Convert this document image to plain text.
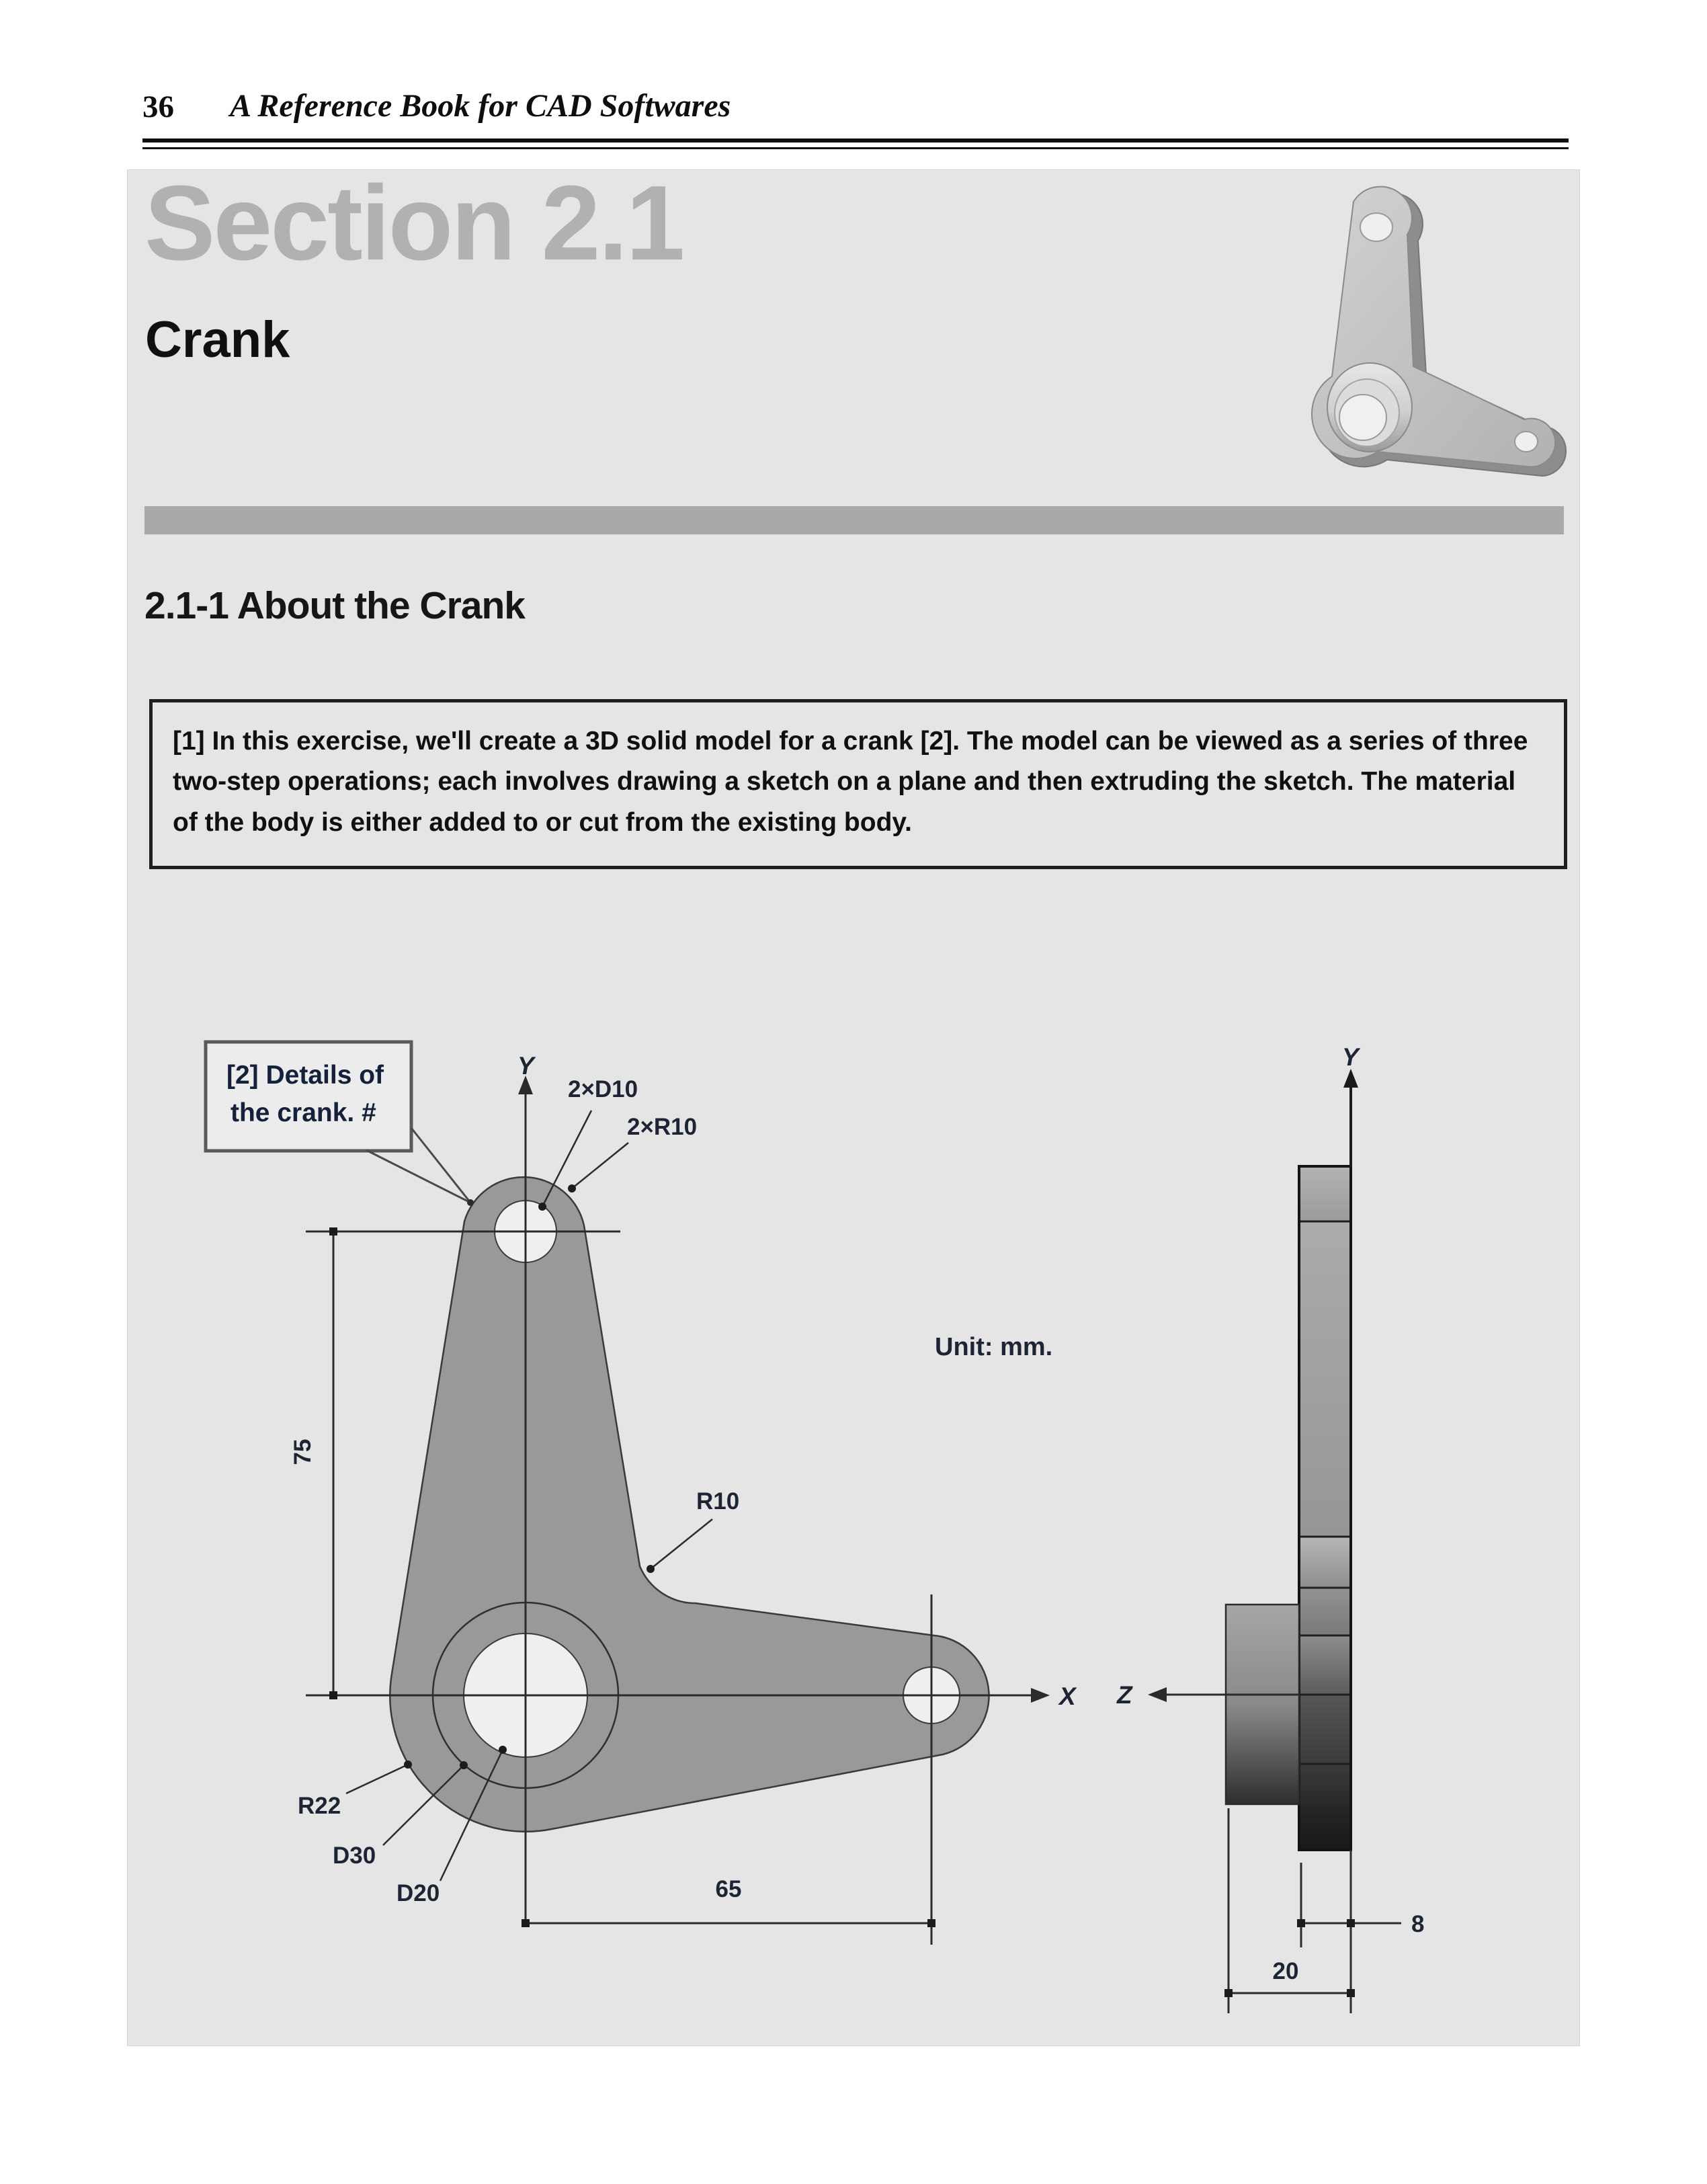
36 A Reference Book for CAD Softwares
Section 2.1
Crank
2.1-1 About the Crank
[1] In this exercise, we'll create a 3D solid model for a crank [2]. The model can be viewed as a series of three two-step operations; each involves drawing a sketch on a plane and then extruding the sketch. The material of the body is either added to or cut from the existing body.
Y
X
75
65
2×D10
2×R10
R10
R22
D30
D20
[2] Details of
the crank. #
Unit: mm.
Y
Z
8
20
